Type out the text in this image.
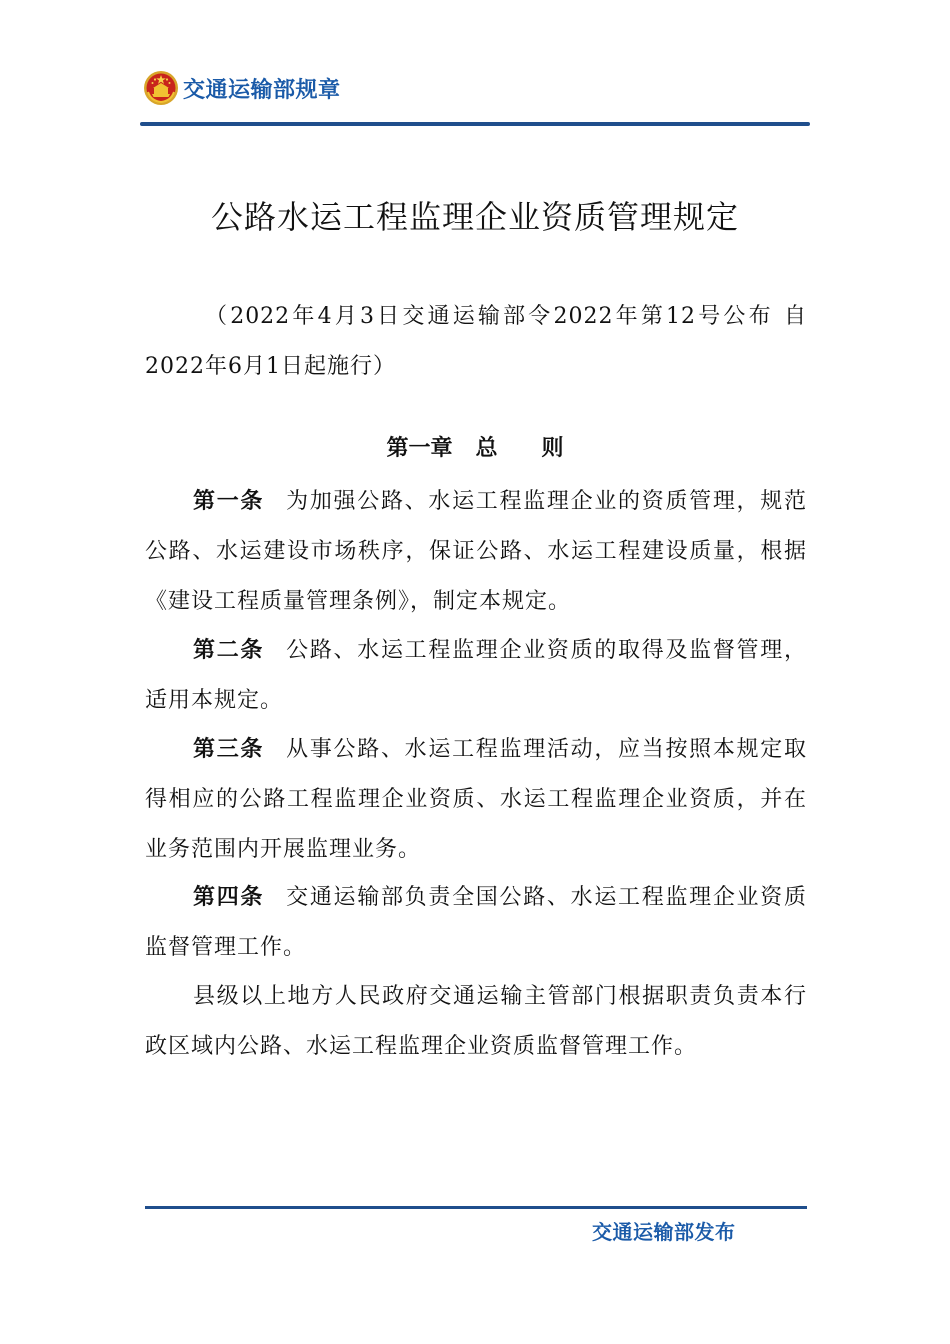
交通运输部规章
公路水运工程监理企业资质管理规定
（2022年4月3日交通运输部令2022年第12号公布 自2022年6月1日起施行）
第一章 总　　则
第一条 为加强公路、水运工程监理企业的资质管理，规范公路、水运建设市场秩序，保证公路、水运工程建设质量，根据《建设工程质量管理条例》，制定本规定。
第二条 公路、水运工程监理企业资质的取得及监督管理，适用本规定。
第三条 从事公路、水运工程监理活动，应当按照本规定取得相应的公路工程监理企业资质、水运工程监理企业资质，并在业务范围内开展监理业务。
第四条 交通运输部负责全国公路、水运工程监理企业资质监督管理工作。
县级以上地方人民政府交通运输主管部门根据职责负责本行政区域内公路、水运工程监理企业资质监督管理工作。
交通运输部发布
